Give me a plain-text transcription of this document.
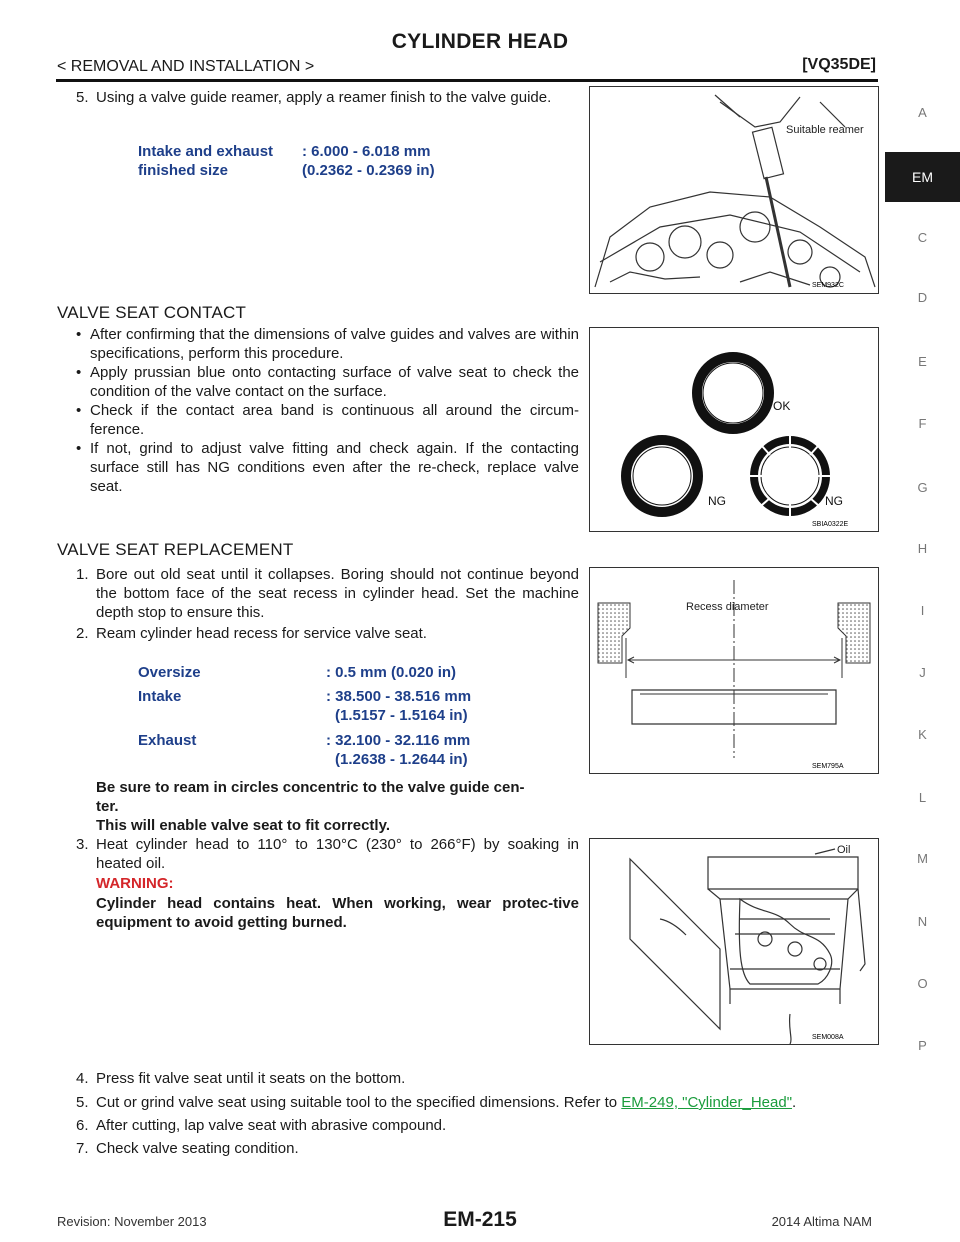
CYLINDER HEAD
< REMOVAL AND INSTALLATION >	[VQ35DE]
A
EM
C
D
E
F
G
H
I
J
K
L
M
N
O
P
5. Using a valve guide reamer, apply a reamer finish to the valve guide.
Intake and exhaust
finished size
: 6.000 - 6.018 mm
(0.2362 - 0.2369 in)
Suitable reamer
SEM932C
VALVE SEAT CONTACT
• After confirming that the dimensions of valve guides and valves are within specifications, perform this procedure.
• Apply prussian blue onto contacting surface of valve seat to check the condition of the valve contact on the surface.
• Check if the contact area band is continuous all around the circum-ference.
• If not, grind to adjust valve fitting and check again. If the contacting surface still has NG conditions even after the re-check, replace valve seat.
OK
NG	NG
SBIA0322E
VALVE SEAT REPLACEMENT
1. Bore out old seat until it collapses. Boring should not continue beyond the bottom face of the seat recess in cylinder head. Set the machine depth stop to ensure this.
2. Ream cylinder head recess for service valve seat.
Oversize	: 0.5 mm (0.020 in)
Intake	: 38.500 - 38.516 mm
(1.5157 - 1.5164 in)
Exhaust	: 32.100 - 32.116 mm
(1.2638 - 1.2644 in)
Be sure to ream in circles concentric to the valve guide cen-
ter.
This will enable valve seat to fit correctly.
3. Heat cylinder head to 110° to 130°C (230° to 266°F) by soaking in heated oil.
WARNING:
Cylinder head contains heat. When working, wear protec-tive equipment to avoid getting burned.
Recess diameter
SEM795A
Oil
SEM008A
4. Press fit valve seat until it seats on the bottom.
5. Cut or grind valve seat using suitable tool to the specified dimensions. Refer to EM-249, "Cylinder_Head".
6. After cutting, lap valve seat with abrasive compound.
7. Check valve seating condition.
Revision: November 2013	EM-215	2014 Altima NAM
